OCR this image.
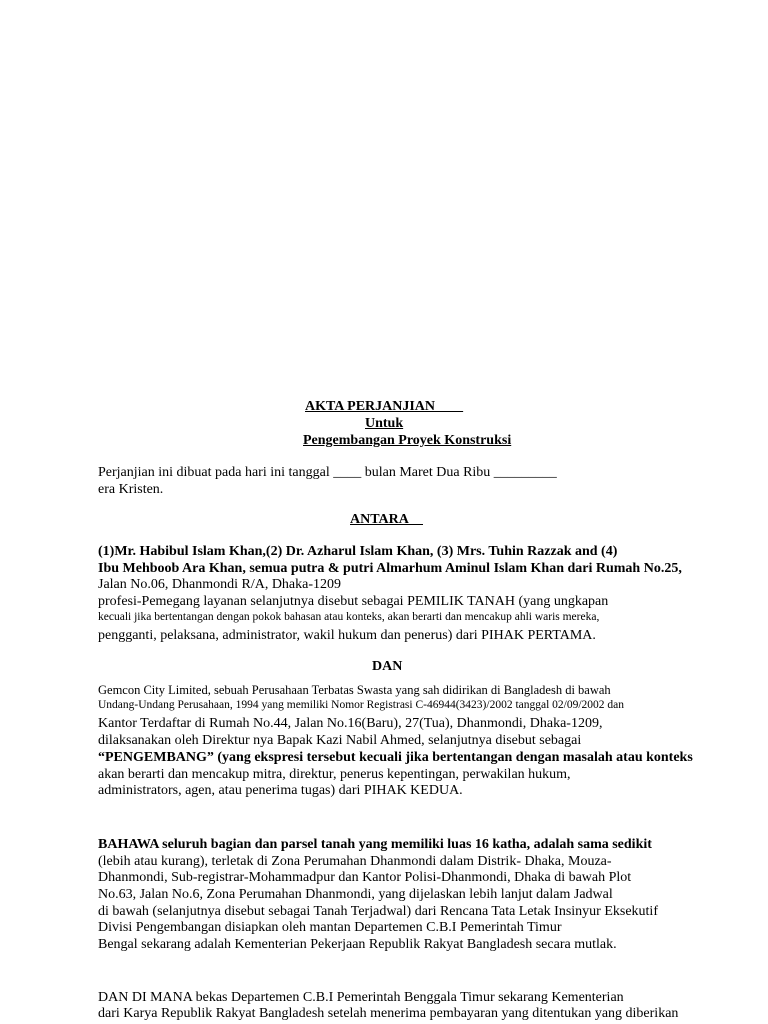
AKTA PERJANJIAN____
Untuk
Pengembangan Proyek Konstruksi
Perjanjian ini dibuat pada hari ini tanggal ____ bulan Maret Dua Ribu _________
era Kristen.
ANTARA__
(1)Mr. Habibul Islam Khan,(2) Dr. Azharul Islam Khan, (3) Mrs. Tuhin Razzak and (4)
Ibu Mehboob Ara Khan, semua putra & putri Almarhum Aminul Islam Khan dari Rumah No.25,
Jalan No.06, Dhanmondi R/A, Dhaka-1209
profesi-Pemegang layanan selanjutnya disebut sebagai PEMILIK TANAH (yang ungkapan
kecuali jika bertentangan dengan pokok bahasan atau konteks, akan berarti dan mencakup ahli waris mereka,
pengganti, pelaksana, administrator, wakil hukum dan penerus) dari PIHAK PERTAMA.
DAN
Gemcon City Limited, sebuah Perusahaan Terbatas Swasta yang sah didirikan di Bangladesh di bawah
Undang-Undang Perusahaan, 1994 yang memiliki Nomor Registrasi C-46944(3423)/2002 tanggal 02/09/2002 dan
Kantor Terdaftar di Rumah No.44, Jalan No.16(Baru), 27(Tua), Dhanmondi, Dhaka-1209,
dilaksanakan oleh Direktur nya Bapak Kazi Nabil Ahmed, selanjutnya disebut sebagai
“PENGEMBANG” (yang ekspresi tersebut kecuali jika bertentangan dengan masalah atau konteks
akan berarti dan mencakup mitra, direktur, penerus kepentingan, perwakilan hukum,
administrators, agen, atau penerima tugas) dari PIHAK KEDUA.
BAHAWA seluruh bagian dan parsel tanah yang memiliki luas 16 katha, adalah sama sedikit
(lebih atau kurang), terletak di Zona Perumahan Dhanmondi dalam Distrik- Dhaka, Mouza-
Dhanmondi, Sub-registrar-Mohammadpur dan Kantor Polisi-Dhanmondi, Dhaka di bawah Plot
No.63, Jalan No.6, Zona Perumahan Dhanmondi, yang dijelaskan lebih lanjut dalam Jadwal
di bawah (selanjutnya disebut sebagai Tanah Terjadwal) dari Rencana Tata Letak Insinyur Eksekutif
Divisi Pengembangan disiapkan oleh mantan Departemen C.B.I Pemerintah Timur
Bengal sekarang adalah Kementerian Pekerjaan Republik Rakyat Bangladesh secara mutlak.
DAN DI MANA bekas Departemen C.B.I Pemerintah Benggala Timur sekarang Kementerian
dari Karya Republik Rakyat Bangladesh setelah menerima pembayaran yang ditentukan yang diberikan
